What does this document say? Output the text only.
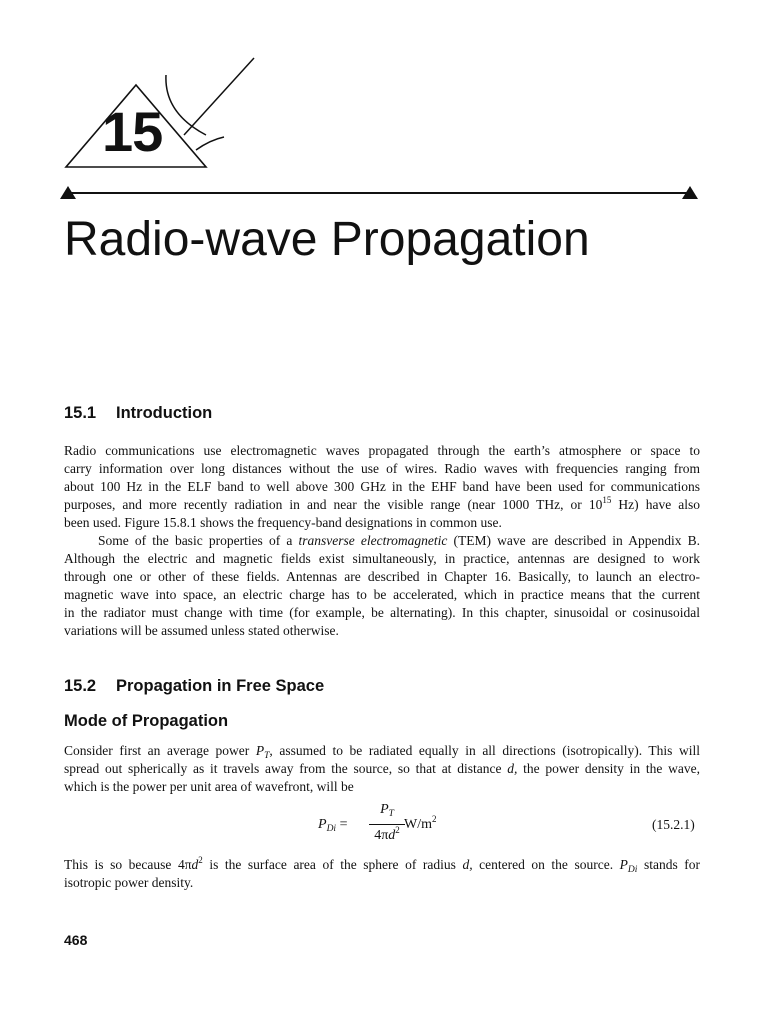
15
Radio-wave Propagation
15.1 Introduction
Radio communications use electromagnetic waves propagated through the earth’s atmosphere or space to
carry information over long distances without the use of wires. Radio waves with frequencies ranging from
about 100 Hz in the ELF band to well above 300 GHz in the EHF band have been used for communications
purposes, and more recently radiation in and near the visible range (near 1000 THz, or $10^{15}$ Hz) have also
been used. Figure 15.8.1 shows the frequency-band designations in common use.
Some of the basic properties of a transverse electromagnetic (TEM) wave are described in Appendix B.
Although the electric and magnetic fields exist simultaneously, in practice, antennas are designed to work
through one or other of these fields. Antennas are described in Chapter 16. Basically, to launch an electro-
magnetic wave into space, an electric charge has to be accelerated, which in practice means that the current
in the radiator must change with time (for example, be alternating). In this chapter, sinusoidal or cosinusoidal
variations will be assumed unless stated otherwise.
15.2 Propagation in Free Space
Mode of Propagation
Consider first an average power $P_T$, assumed to be radiated equally in all directions (isotropically). This will
spread out spherically as it travels away from the source, so that at distance d, the power density in the wave,
which is the power per unit area of wavefront, will be
$P_{Di}$ =
$P_T$
$4\pi d^2$ $W/m^2$	(15.2.1)
This is so because $4\pi d^2$ is the surface area of the sphere of radius d, centered on the source. $P_{Di}$ stands for
isotropic power density.
468
